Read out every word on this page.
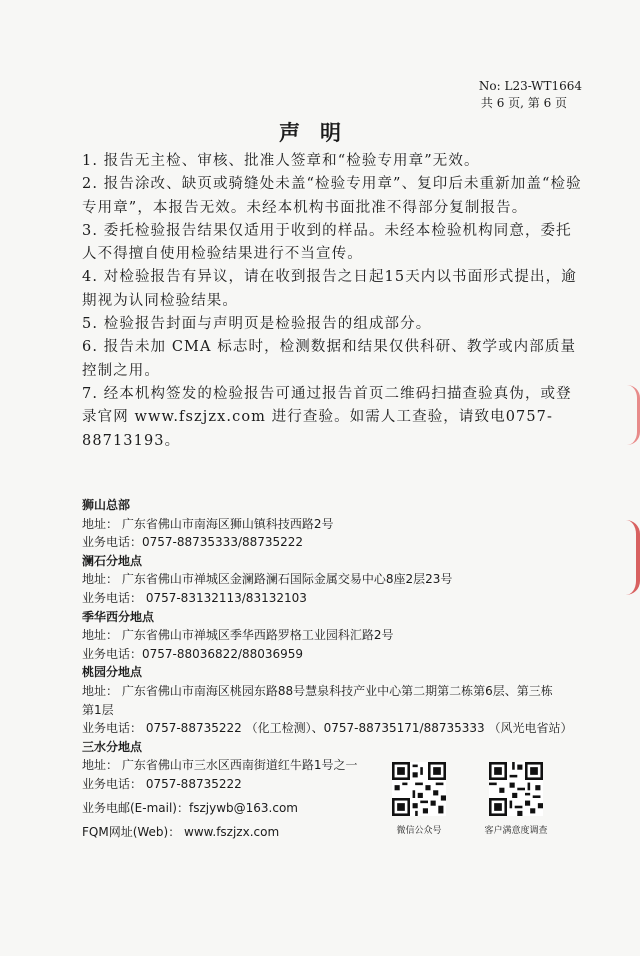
No: L23-WT1664
共 6 页, 第 6 页
声明

1. 报告无主检、审核、批准人签章和“检验专用章”无效。

2. 报告涂改、缺页或骑缝处未盖“检验专用章”、复印后未重新加盖“检验专用章”，本报告无效。未经本机构书面批准不得部分复制报告。

3. 委托检验报告结果仅适用于收到的样品。未经本检验机构同意，委托人不得擅自使用检验结果进行不当宣传。

4. 对检验报告有异议，请在收到报告之日起15天内以书面形式提出，逾期视为认同检验结果。

5. 检验报告封面与声明页是检验报告的组成部分。

6. 报告未加 CMA 标志时，检测数据和结果仅供科研、教学或内部质量控制之用。

7. 经本机构签发的检验报告可通过报告首页二维码扫描查验真伪，或登录官网 www.fszjzx.com 进行查验。如需人工查验，请致电0757-88713193。

狮山总部
地址： 广东省佛山市南海区狮山镇科技西路2号
业务电话：0757-88735333/88735222
澜石分地点
地址： 广东省佛山市禅城区金澜路澜石国际金属交易中心8座2层23号
业务电话： 0757-83132113/83132103
季华西分地点
地址： 广东省佛山市禅城区季华西路罗格工业园科汇路2号
业务电话：0757-88036822/88036959
桃园分地点
地址： 广东省佛山市南海区桃园东路88号慧泉科技产业中心第二期第二栋第6层、第三栋第1层
业务电话： 0757-88735222 （化工检测）、0757-88735171/88735333 （风光电省站）
三水分地点
地址： 广东省佛山市三水区西南街道红牛路1号之一
业务电话： 0757-88735222
业务电邮(E-mail)：fszjywb@163.com
FQM网址(Web)： www.fszjzx.com	微信公众号	客户满意度调查
